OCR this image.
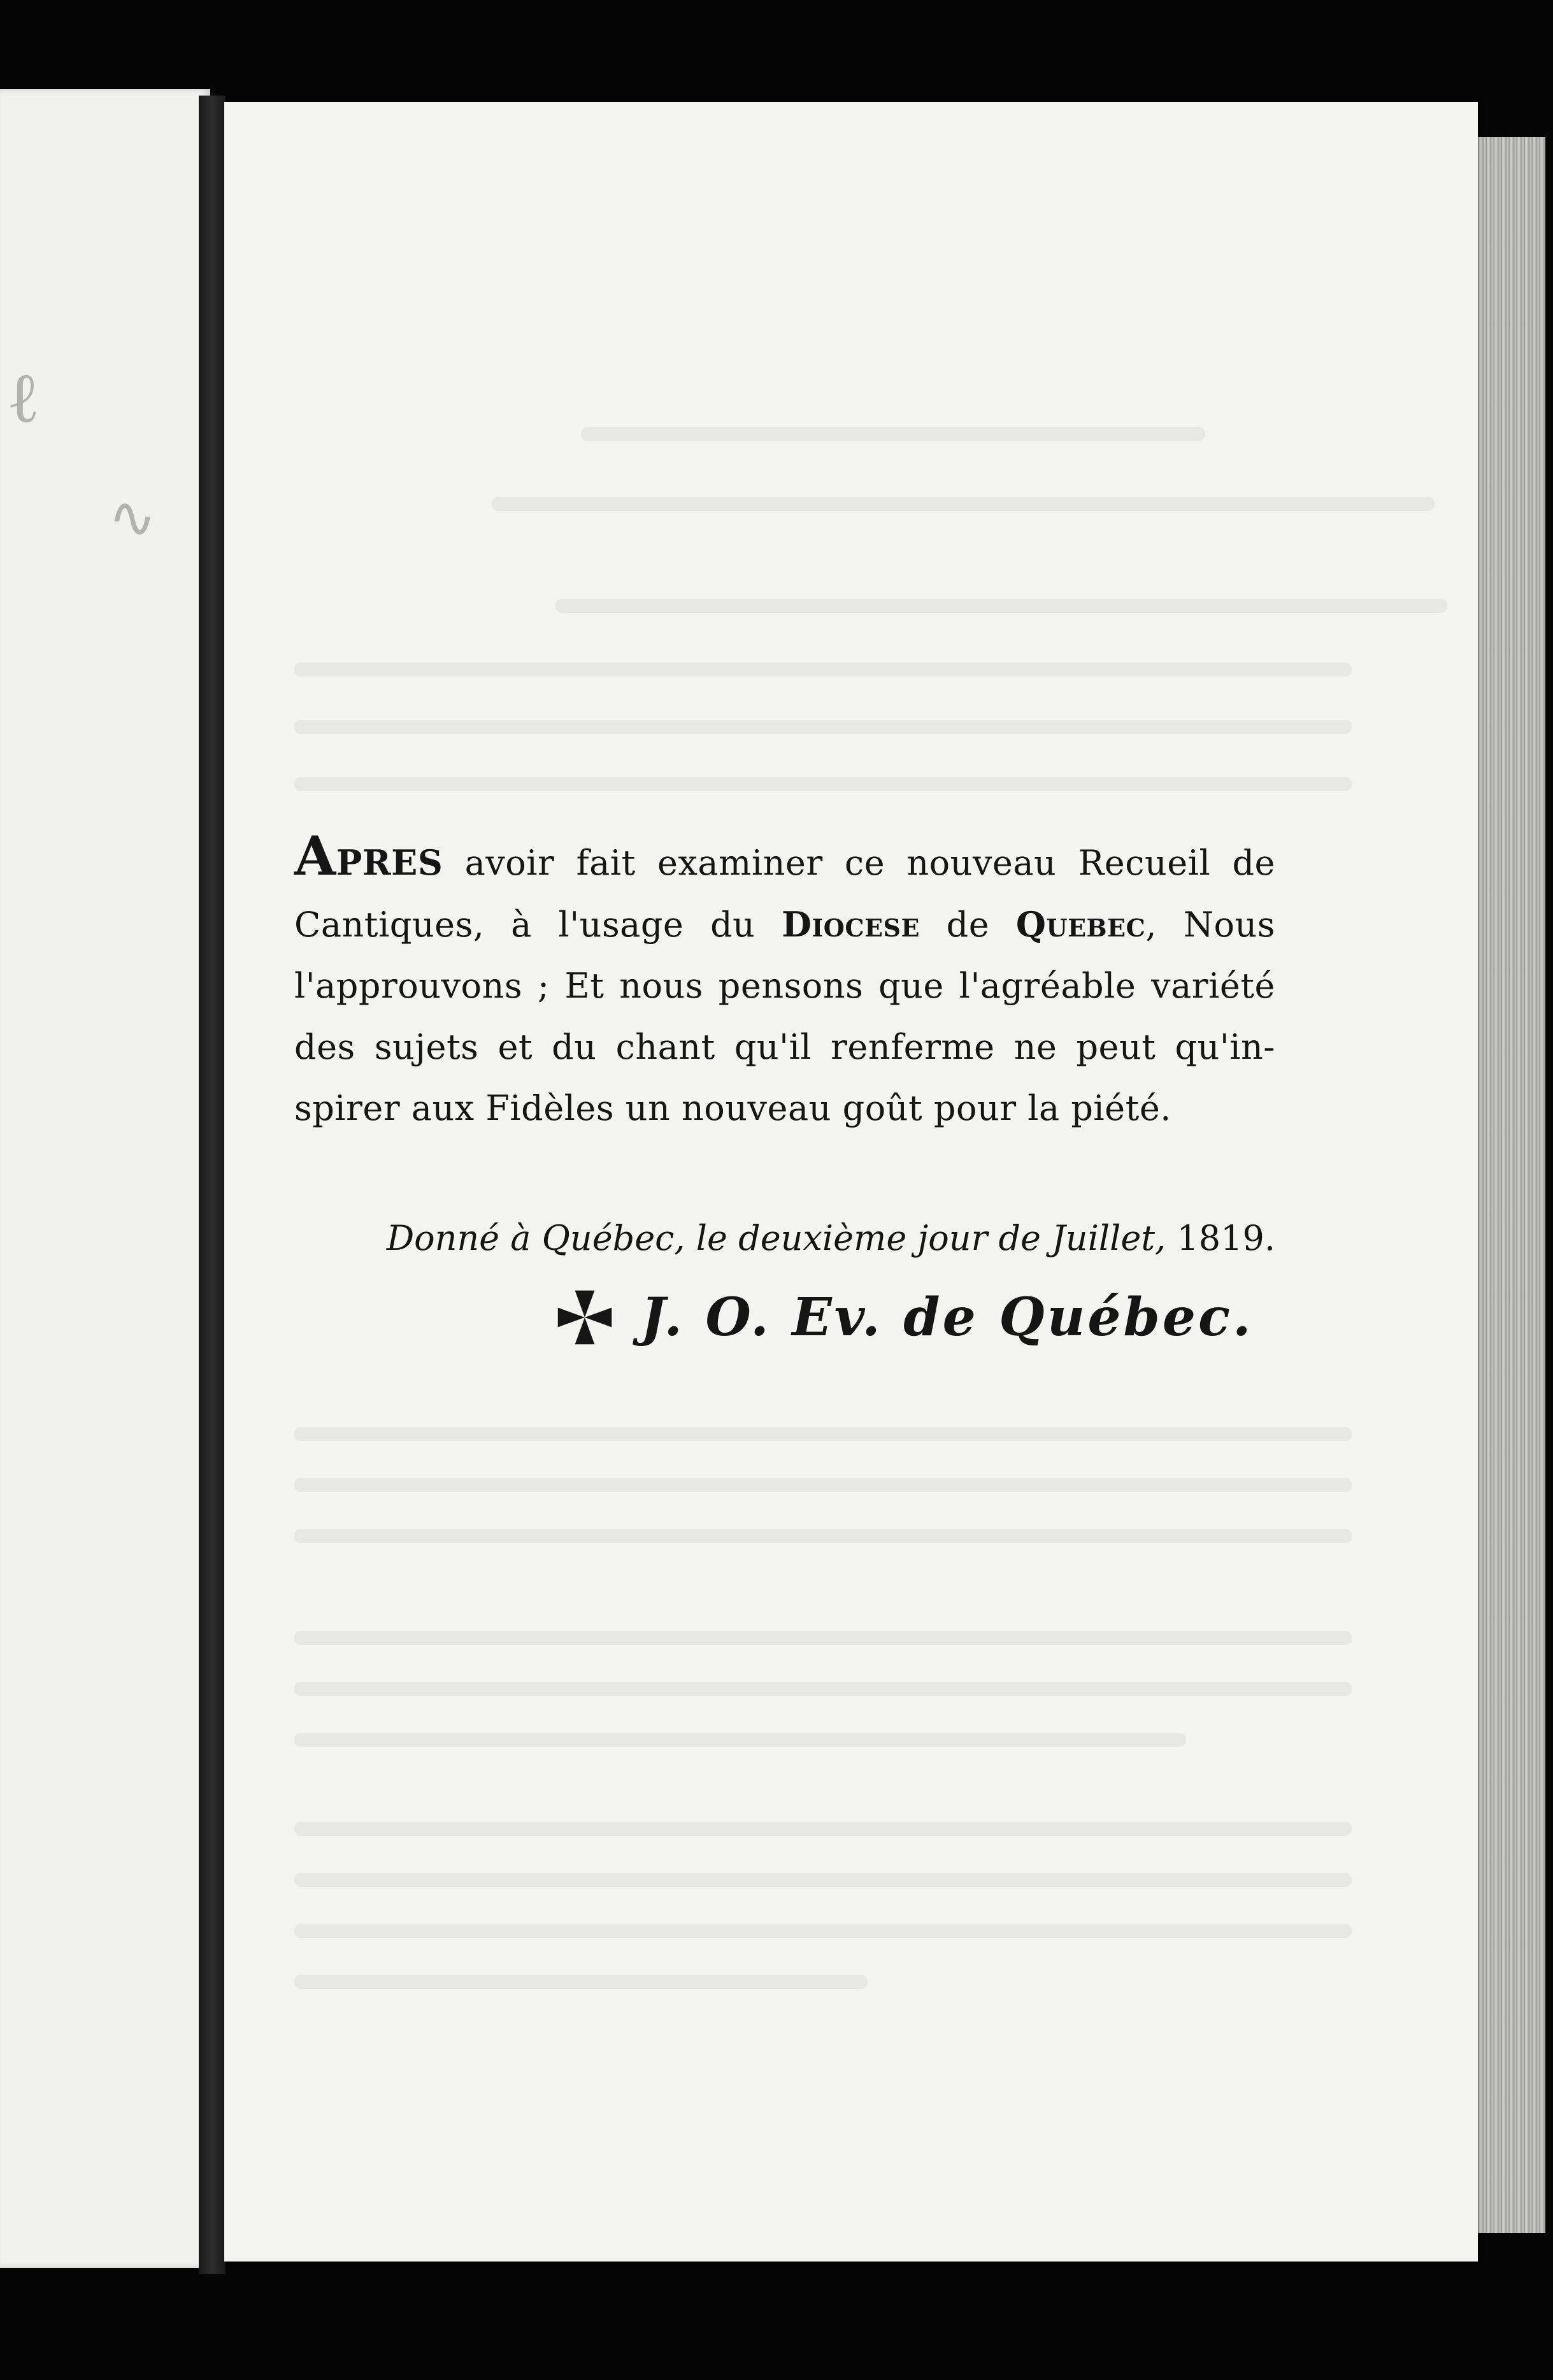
ℓ
∿
APRES avoir fait examiner ce nouveau Recueil de
Cantiques, à l'usage du Diocese de Quebec, Nous
l'approuvons ; Et nous pensons que l'agréable variété
des sujets et du chant qu'il renferme ne peut qu'in-
spirer aux Fidèles un nouveau goût pour la piété.
Donné à Québec, le deuxième jour de Juillet, 1819.
J. O. Ev. de Québec.
